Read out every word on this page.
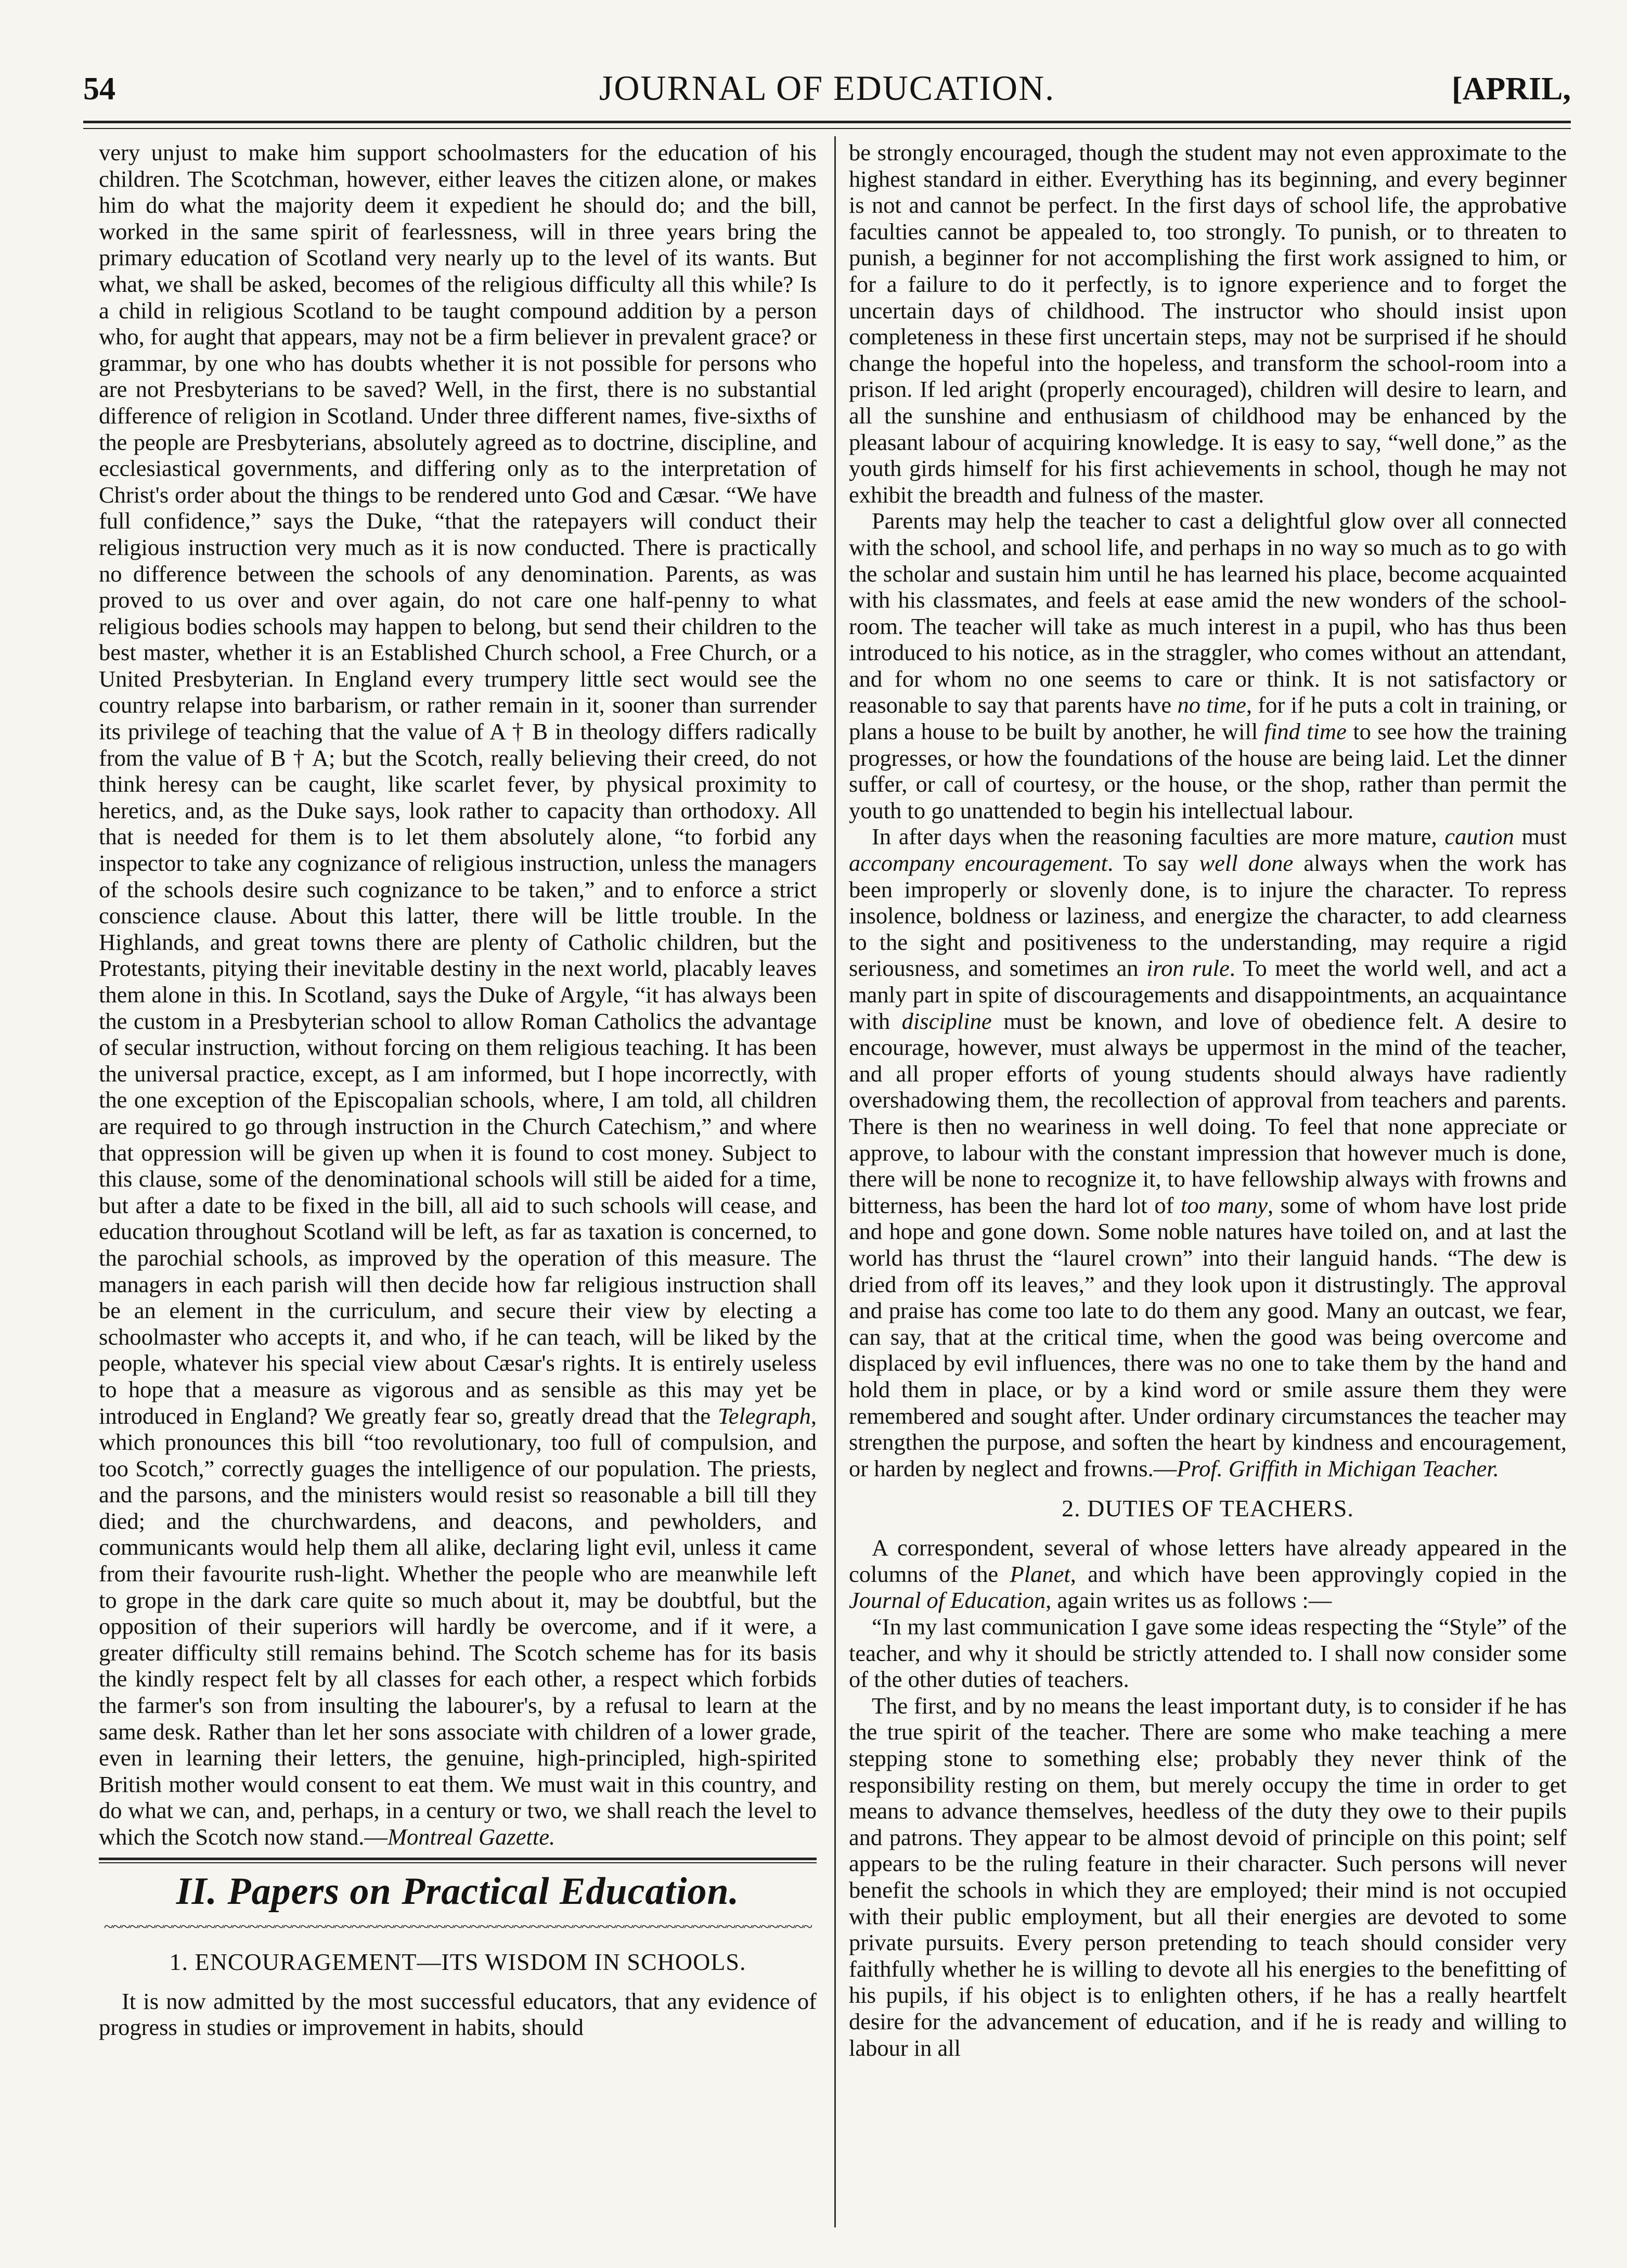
54	JOURNAL OF EDUCATION.	[APRIL,

very unjust to make him support schoolmasters for the education of his children. The Scotchman, however, either leaves the citizen alone, or makes him do what the majority deem it expedient he should do; and the bill, worked in the same spirit of fearlessness, will in three years bring the primary education of Scotland very nearly up to the level of its wants. But what, we shall be asked, becomes of the religious difficulty all this while? Is a child in religious Scotland to be taught compound addition by a person who, for aught that appears, may not be a firm believer in prevalent grace? or grammar, by one who has doubts whether it is not possible for persons who are not Presbyterians to be saved? Well, in the first, there is no substantial difference of religion in Scotland. Under three different names, five-sixths of the people are Presbyterians, absolutely agreed as to doctrine, discipline, and ecclesiastical governments, and differing only as to the interpretation of Christ's order about the things to be rendered unto God and Cæsar. “We have full confidence,” says the Duke, “that the ratepayers will conduct their religious instruction very much as it is now conducted. There is practically no difference between the schools of any denomination. Parents, as was proved to us over and over again, do not care one half-penny to what religious bodies schools may happen to belong, but send their children to the best master, whether it is an Established Church school, a Free Church, or a United Presbyterian. In England every trumpery little sect would see the country relapse into barbarism, or rather remain in it, sooner than surrender its privilege of teaching that the value of A † B in theology differs radically from the value of B † A; but the Scotch, really believing their creed, do not think heresy can be caught, like scarlet fever, by physical proximity to heretics, and, as the Duke says, look rather to capacity than orthodoxy. All that is needed for them is to let them absolutely alone, “to forbid any inspector to take any cognizance of religious instruction, unless the managers of the schools desire such cognizance to be taken,” and to enforce a strict conscience clause. About this latter, there will be little trouble. In the Highlands, and great towns there are plenty of Catholic children, but the Protestants, pitying their inevitable destiny in the next world, placably leaves them alone in this. In Scotland, says the Duke of Argyle, “it has always been the custom in a Presbyterian school to allow Roman Catholics the advantage of secular instruction, without forcing on them religious teaching. It has been the universal practice, except, as I am informed, but I hope incorrectly, with the one exception of the Episcopalian schools, where, I am told, all children are required to go through instruction in the Church Catechism,” and where that oppression will be given up when it is found to cost money. Subject to this clause, some of the denominational schools will still be aided for a time, but after a date to be fixed in the bill, all aid to such schools will cease, and education throughout Scotland will be left, as far as taxation is concerned, to the parochial schools, as improved by the operation of this measure. The managers in each parish will then decide how far religious instruction shall be an element in the curriculum, and secure their view by electing a schoolmaster who accepts it, and who, if he can teach, will be liked by the people, whatever his special view about Cæsar's rights. It is entirely useless to hope that a measure as vigorous and as sensible as this may yet be introduced in England? We greatly fear so, greatly dread that the Telegraph, which pronounces this bill “too revolutionary, too full of compulsion, and too Scotch,” correctly guages the intelligence of our population. The priests, and the parsons, and the ministers would resist so reasonable a bill till they died; and the churchwardens, and deacons, and pewholders, and communicants would help them all alike, declaring light evil, unless it came from their favourite rush-light. Whether the people who are meanwhile left to grope in the dark care quite so much about it, may be doubtful, but the opposition of their superiors will hardly be overcome, and if it were, a greater difficulty still remains behind. The Scotch scheme has for its basis the kindly respect felt by all classes for each other, a respect which forbids the farmer's son from insulting the labourer's, by a refusal to learn at the same desk. Rather than let her sons associate with children of a lower grade, even in learning their letters, the genuine, high-principled, high-spirited British mother would consent to eat them. We must wait in this country, and do what we can, and, perhaps, in a century or two, we shall reach the level to which the Scotch now stand.—Montreal Gazette.

II. Papers on Practical Education.
~~~~~~~~~~~~~~~~~~~~~~~~~~~~~~~~~~~~~~~~~~~~~~~~~~~~~~~~~~~~~~~~~~~~~~~~~~~~~~~~~~~
1. ENCOURAGEMENT—ITS WISDOM IN SCHOOLS.

It is now admitted by the most successful educators, that any evidence of progress in studies or improvement in habits, should

be strongly encouraged, though the student may not even approximate to the highest standard in either. Everything has its beginning, and every beginner is not and cannot be perfect. In the first days of school life, the approbative faculties cannot be appealed to, too strongly. To punish, or to threaten to punish, a beginner for not accomplishing the first work assigned to him, or for a failure to do it perfectly, is to ignore experience and to forget the uncertain days of childhood. The instructor who should insist upon completeness in these first uncertain steps, may not be surprised if he should change the hopeful into the hopeless, and transform the school-room into a prison. If led aright (properly encouraged), children will desire to learn, and all the sunshine and enthusiasm of childhood may be enhanced by the pleasant labour of acquiring knowledge. It is easy to say, “well done,” as the youth girds himself for his first achievements in school, though he may not exhibit the breadth and fulness of the master.

Parents may help the teacher to cast a delightful glow over all connected with the school, and school life, and perhaps in no way so much as to go with the scholar and sustain him until he has learned his place, become acquainted with his classmates, and feels at ease amid the new wonders of the school-room. The teacher will take as much interest in a pupil, who has thus been introduced to his notice, as in the straggler, who comes without an attendant, and for whom no one seems to care or think. It is not satisfactory or reasonable to say that parents have no time, for if he puts a colt in training, or plans a house to be built by another, he will find time to see how the training progresses, or how the foundations of the house are being laid. Let the dinner suffer, or call of courtesy, or the house, or the shop, rather than permit the youth to go unattended to begin his intellectual labour.

In after days when the reasoning faculties are more mature, caution must accompany encouragement. To say well done always when the work has been improperly or slovenly done, is to injure the character. To repress insolence, boldness or laziness, and energize the character, to add clearness to the sight and positiveness to the understanding, may require a rigid seriousness, and sometimes an iron rule. To meet the world well, and act a manly part in spite of discouragements and disappointments, an acquaintance with discipline must be known, and love of obedience felt. A desire to encourage, however, must always be uppermost in the mind of the teacher, and all proper efforts of young students should always have radiently overshadowing them, the recollection of approval from teachers and parents. There is then no weariness in well doing. To feel that none appreciate or approve, to labour with the constant impression that however much is done, there will be none to recognize it, to have fellowship always with frowns and bitterness, has been the hard lot of too many, some of whom have lost pride and hope and gone down. Some noble natures have toiled on, and at last the world has thrust the “laurel crown” into their languid hands. “The dew is dried from off its leaves,” and they look upon it distrustingly. The approval and praise has come too late to do them any good. Many an outcast, we fear, can say, that at the critical time, when the good was being overcome and displaced by evil influences, there was no one to take them by the hand and hold them in place, or by a kind word or smile assure them they were remembered and sought after. Under ordinary circumstances the teacher may strengthen the purpose, and soften the heart by kindness and encouragement, or harden by neglect and frowns.—Prof. Griffith in Michigan Teacher.

2. DUTIES OF TEACHERS.

A correspondent, several of whose letters have already appeared in the columns of the Planet, and which have been approvingly copied in the Journal of Education, again writes us as follows :—

“In my last communication I gave some ideas respecting the “Style” of the teacher, and why it should be strictly attended to. I shall now consider some of the other duties of teachers.

The first, and by no means the least important duty, is to consider if he has the true spirit of the teacher. There are some who make teaching a mere stepping stone to something else; probably they never think of the responsibility resting on them, but merely occupy the time in order to get means to advance themselves, heedless of the duty they owe to their pupils and patrons. They appear to be almost devoid of principle on this point; self appears to be the ruling feature in their character. Such persons will never benefit the schools in which they are employed; their mind is not occupied with their public employment, but all their energies are devoted to some private pursuits. Every person pretending to teach should consider very faithfully whether he is willing to devote all his energies to the benefitting of his pupils, if his object is to enlighten others, if he has a really heartfelt desire for the advancement of education, and if he is ready and willing to labour in all
